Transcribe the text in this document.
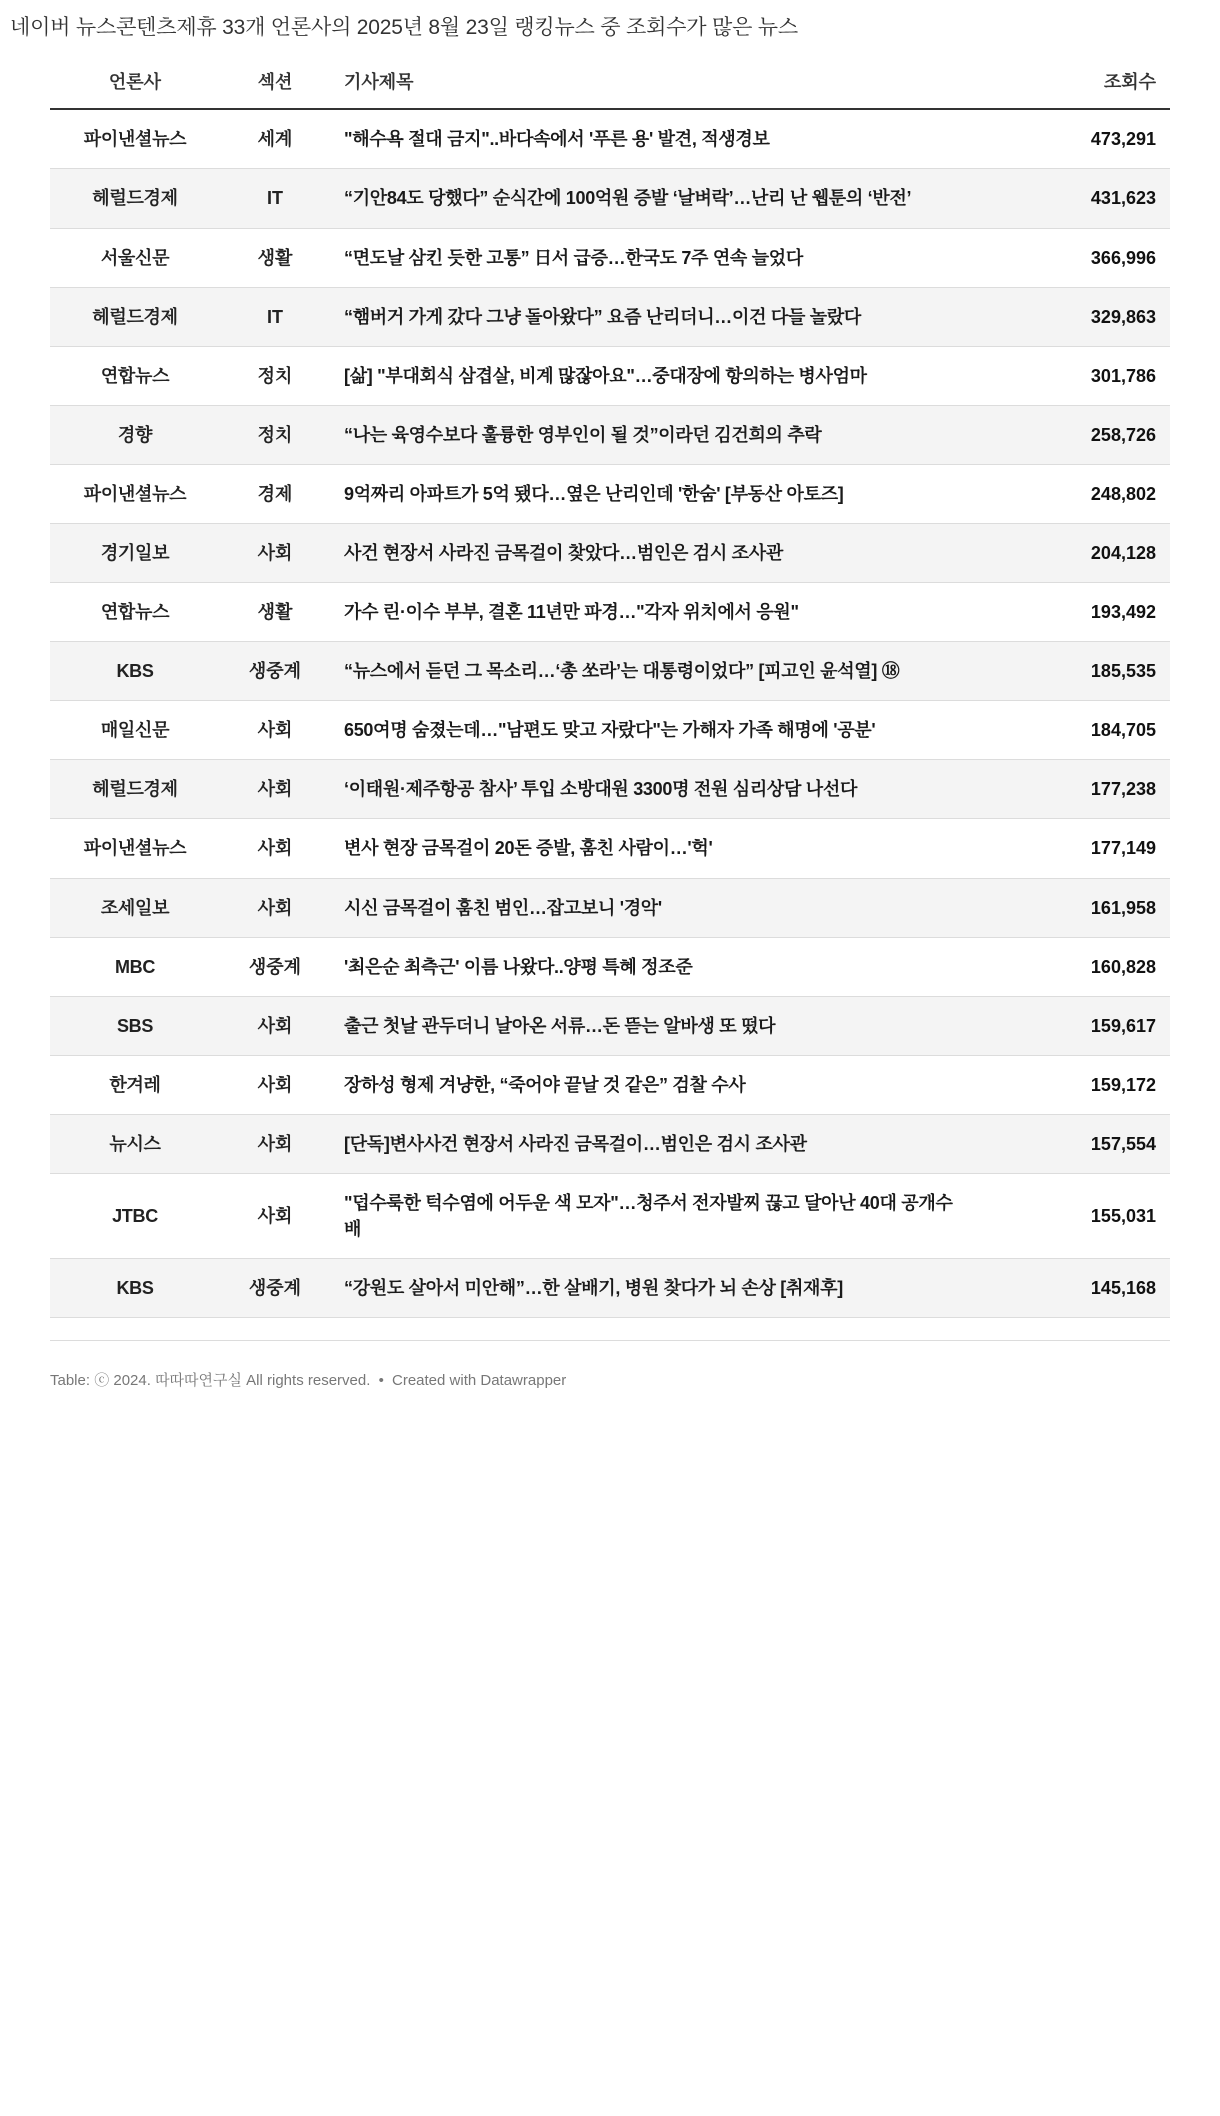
네이버 뉴스콘텐츠제휴 33개 언론사의 2025년 8월 23일 랭킹뉴스 중 조회수가 많은 뉴스
언론사	섹션	기사제목	조회수
파이낸셜뉴스	세계	"해수욕 절대 금지"..바다속에서 '푸른 용' 발견, 적생경보	473,291
헤럴드경제	IT	“기안84도 당했다” 순식간에 100억원 증발 ‘날벼락’…난리 난 웹툰의 ‘반전’	431,623
서울신문	생활	“면도날 삼킨 듯한 고통” 日서 급증…한국도 7주 연속 늘었다	366,996
헤럴드경제	IT	“햄버거 가게 갔다 그냥 돌아왔다” 요즘 난리더니…이건 다들 놀랐다	329,863
연합뉴스	정치	[삶] "부대회식 삼겹살, 비계 많잖아요"…중대장에 항의하는 병사엄마	301,786
경향	정치	“나는 육영수보다 훌륭한 영부인이 될 것”이라던 김건희의 추락	258,726
파이낸셜뉴스	경제	9억짜리 아파트가 5억 됐다…옆은 난리인데 '한숨' [부동산 아토즈]	248,802
경기일보	사회	사건 현장서 사라진 금목걸이 찾았다…범인은 검시 조사관	204,128
연합뉴스	생활	가수 린·이수 부부, 결혼 11년만 파경…"각자 위치에서 응원"	193,492
KBS	생중계	“뉴스에서 듣던 그 목소리…‘총 쏘라’는 대통령이었다” [피고인 윤석열] ⑱	185,535
매일신문	사회	650여명 숨졌는데…"남편도 맞고 자랐다"는 가해자 가족 해명에 '공분'	184,705
헤럴드경제	사회	‘이태원·제주항공 참사’ 투입 소방대원 3300명 전원 심리상담 나선다	177,238
파이낸셜뉴스	사회	변사 현장 금목걸이 20돈 증발, 훔친 사람이…'헉'	177,149
조세일보	사회	시신 금목걸이 훔친 범인…잡고보니 '경악'	161,958
MBC	생중계	'최은순 최측근' 이름 나왔다..양평 특혜 정조준	160,828
SBS	사회	출근 첫날 관두더니 날아온 서류…돈 뜯는 알바생 또 떴다	159,617
한겨레	사회	장하성 형제 겨냥한, “죽어야 끝날 것 같은” 검찰 수사	159,172
뉴시스	사회	[단독]변사사건 현장서 사라진 금목걸이…범인은 검시 조사관	157,554
JTBC	사회	"덥수룩한 턱수염에 어두운 색 모자"…청주서 전자발찌 끊고 달아난 40대 공개수배	155,031
KBS	생중계	“강원도 살아서 미안해”…한 살배기, 병원 찾다가 뇌 손상 [취재후]	145,168
Table: ⓒ 2024. 따따따연구실 All rights reserved. • Created with Datawrapper
